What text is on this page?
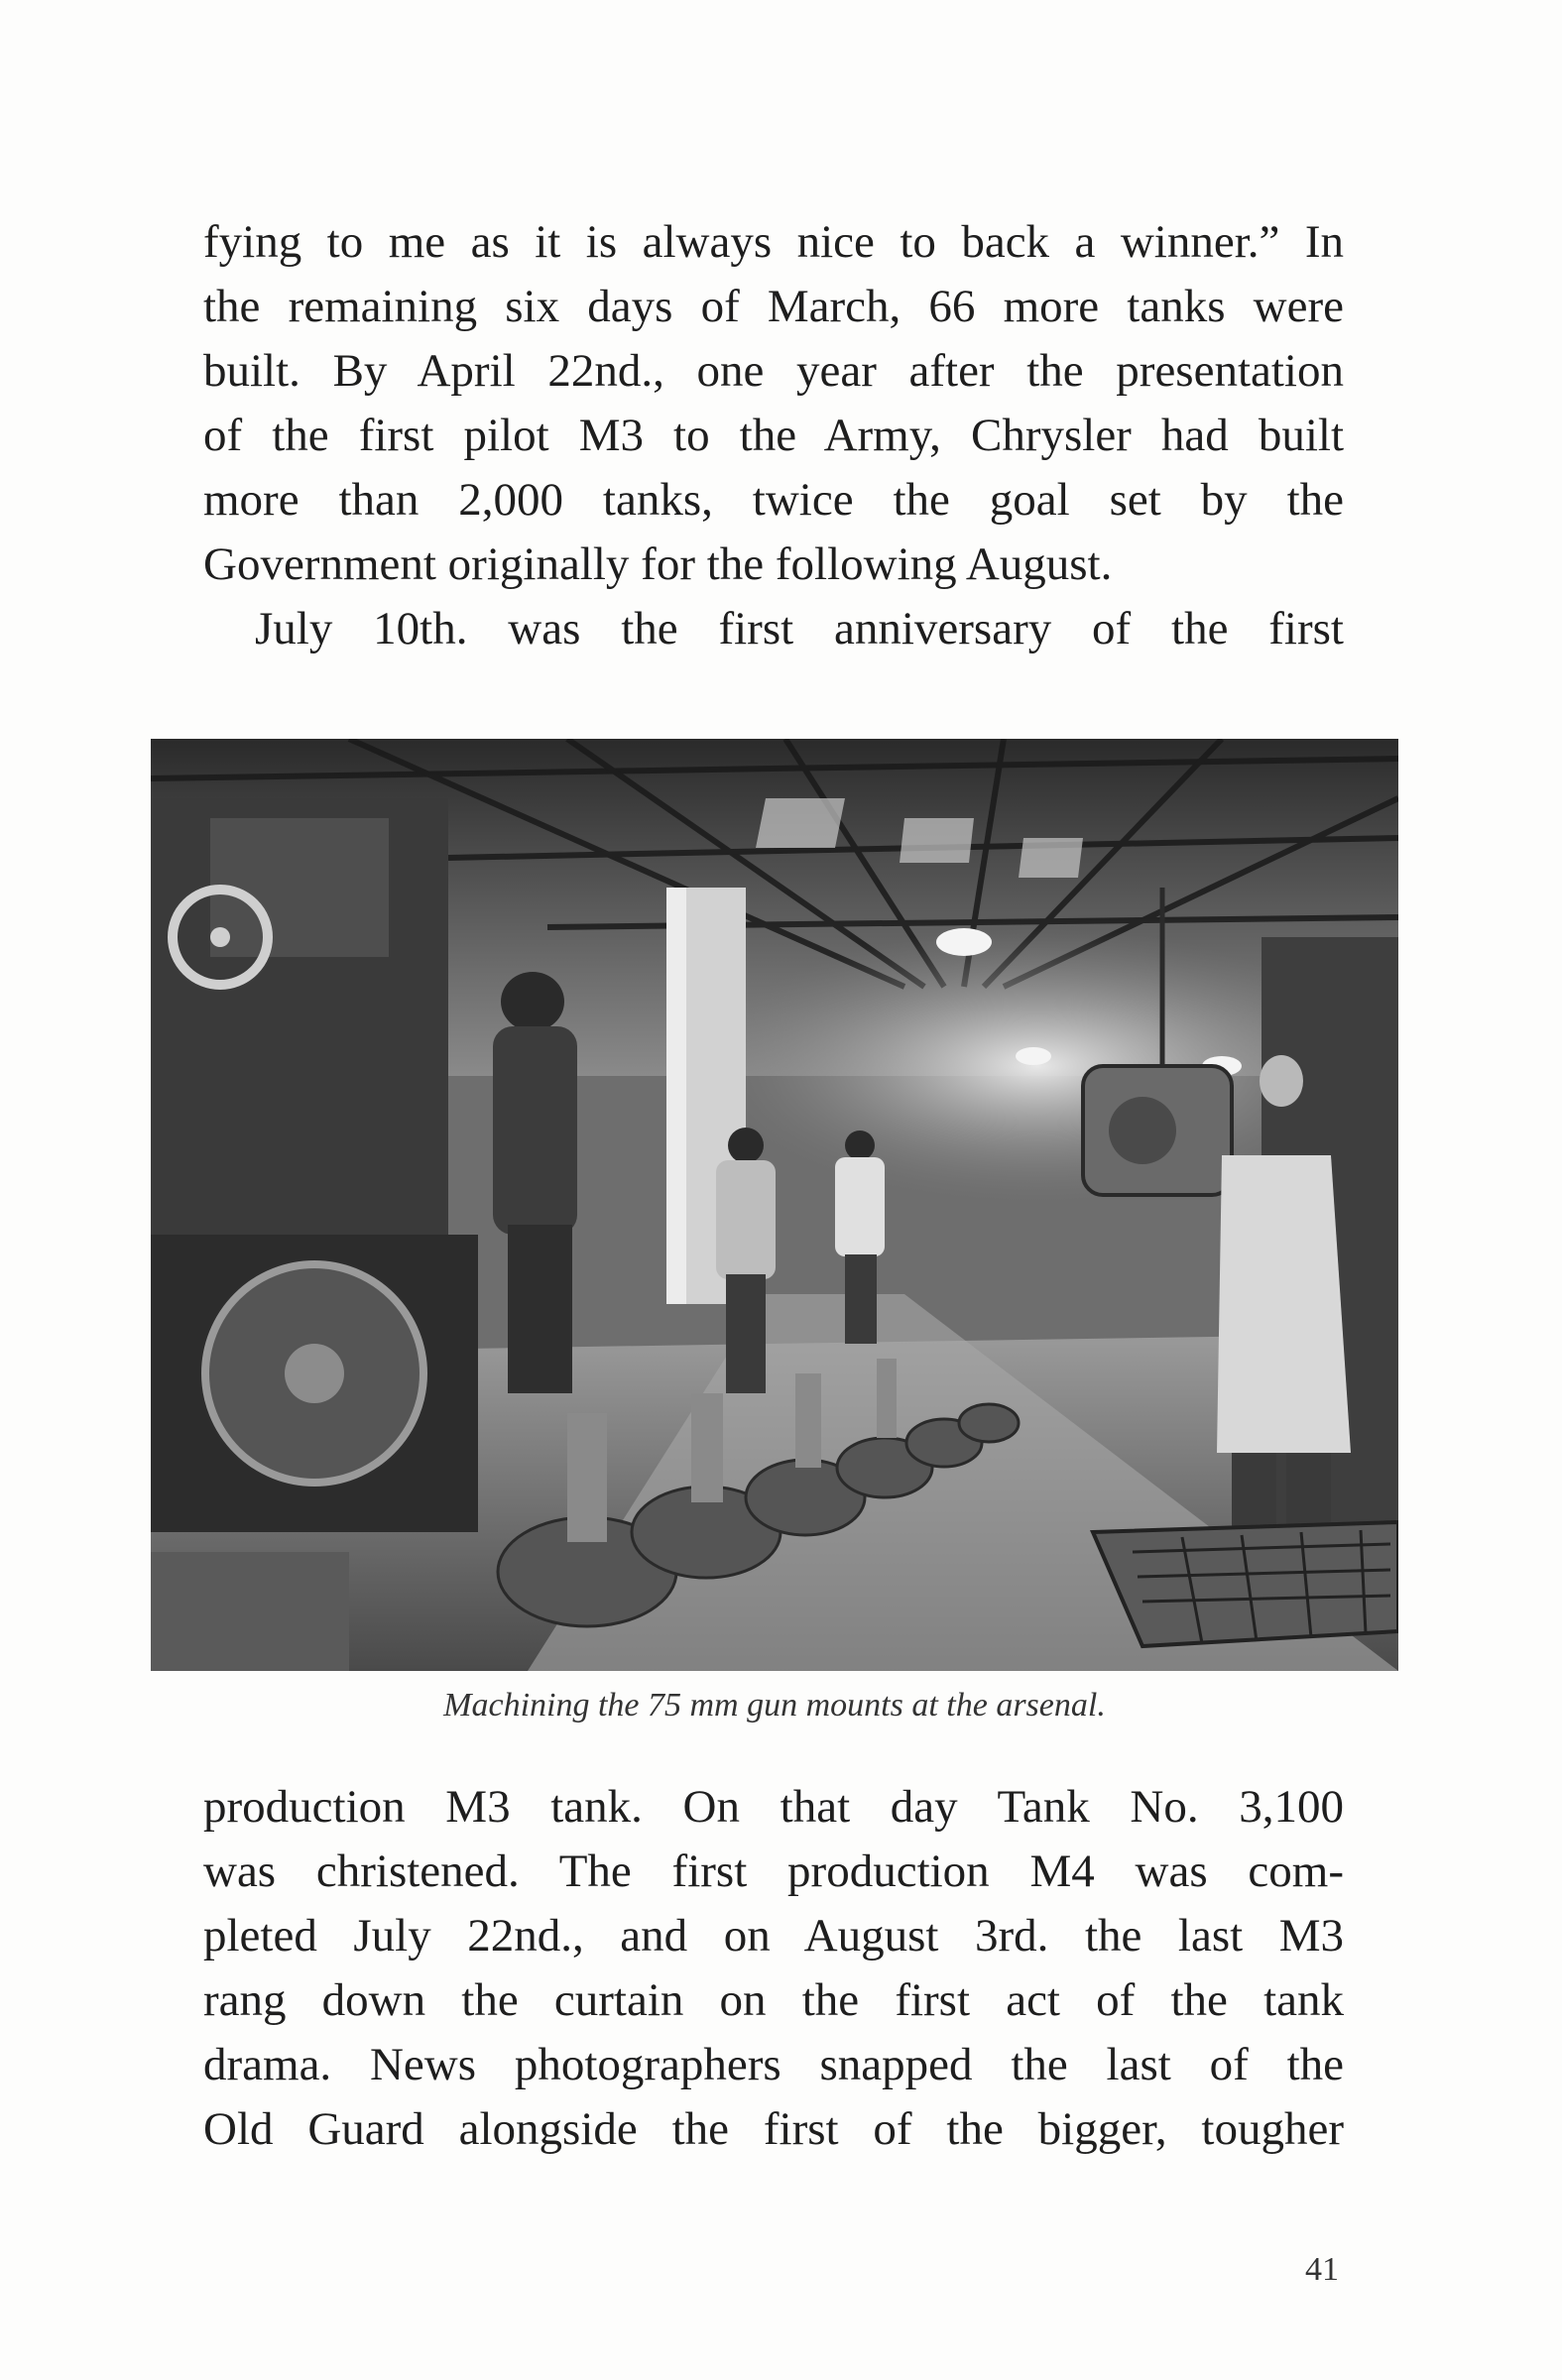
fying to me as it is always nice to back a winner.” In
the remaining six days of March, 66 more tanks were
built. By April 22nd., one year after the presentation
of the first pilot M3 to the Army, Chrysler had built
more than 2,000 tanks, twice the goal set by the
Government originally for the following August.
July 10th. was the first anniversary of the first
Machining the 75 mm gun mounts at the arsenal.
production M3 tank. On that day Tank No. 3,100
was christened. The first production M4 was com-
pleted July 22nd., and on August 3rd. the last M3
rang down the curtain on the first act of the tank
drama. News photographers snapped the last of the
Old Guard alongside the first of the bigger, tougher
41
